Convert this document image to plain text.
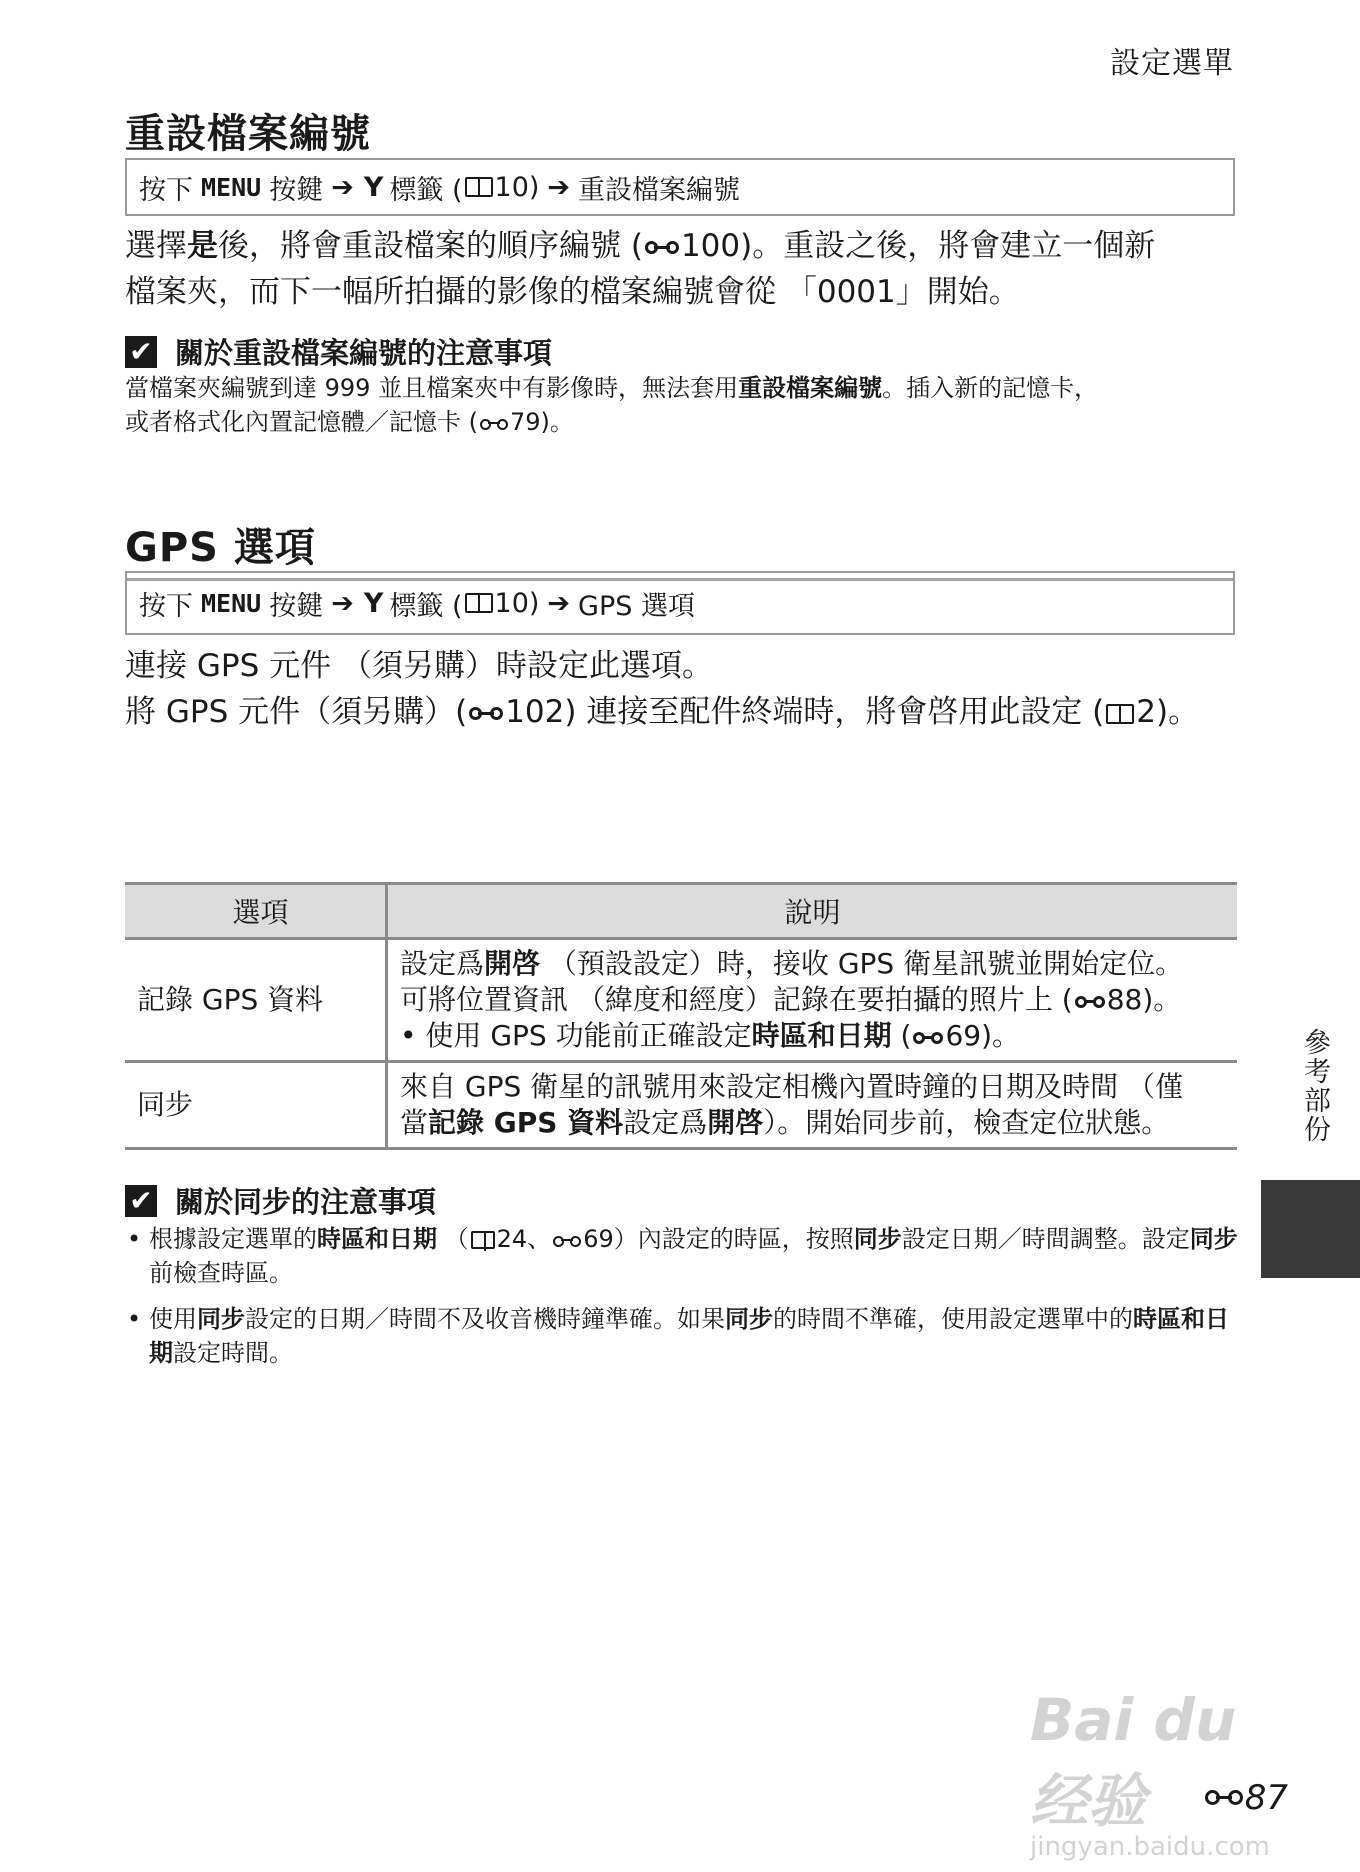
設定選單
重設檔案編號
按下 MENU 按鍵 ➔ Y 標籤 ( 10) ➔ 重設檔案編號
選擇是後，將會重設檔案的順序編號 ( 100)。重設之後，將會建立一個新
檔案夾，而下一幅所拍攝的影像的檔案編號會從 「0001」開始。
✔ 關於重設檔案編號的注意事項
當檔案夾編號到達 999 並且檔案夾中有影像時，無法套用重設檔案編號。插入新的記憶卡，
或者格式化內置記憶體／記憶卡 ( 79)。
GPS 選項
按下 MENU 按鍵 ➔ Y 標籤 ( 10) ➔ GPS 選項
連接 GPS 元件 （須另購）時設定此選項。
將 GPS 元件（須另購）( 102) 連接至配件終端時，將會啓用此設定 ( 2)。
選項	說明
記錄 GPS 資料	設定爲開啓 （預設設定）時，接收 GPS 衛星訊號並開始定位。
可將位置資訊 （緯度和經度）記錄在要拍攝的照片上 ( 88)。
• 使用 GPS 功能前正確設定時區和日期 ( 69)。
同步	來自 GPS 衛星的訊號用來設定相機內置時鐘的日期及時間 （僅
當記錄 GPS 資料設定爲開啓）。開始同步前，檢查定位狀態。
✔ 關於同步的注意事項
• 根據設定選單的時區和日期 （ 24、 69）內設定的時區，按照同步設定日期／時間調整。設定同步前檢查時區。
• 使用同步設定的日期／時間不及收音機時鐘準確。如果同步的時間不準確，使用設定選單中的時區和日期設定時間。
參考部份
Bai du 经验
jingyan.baidu.com
87
